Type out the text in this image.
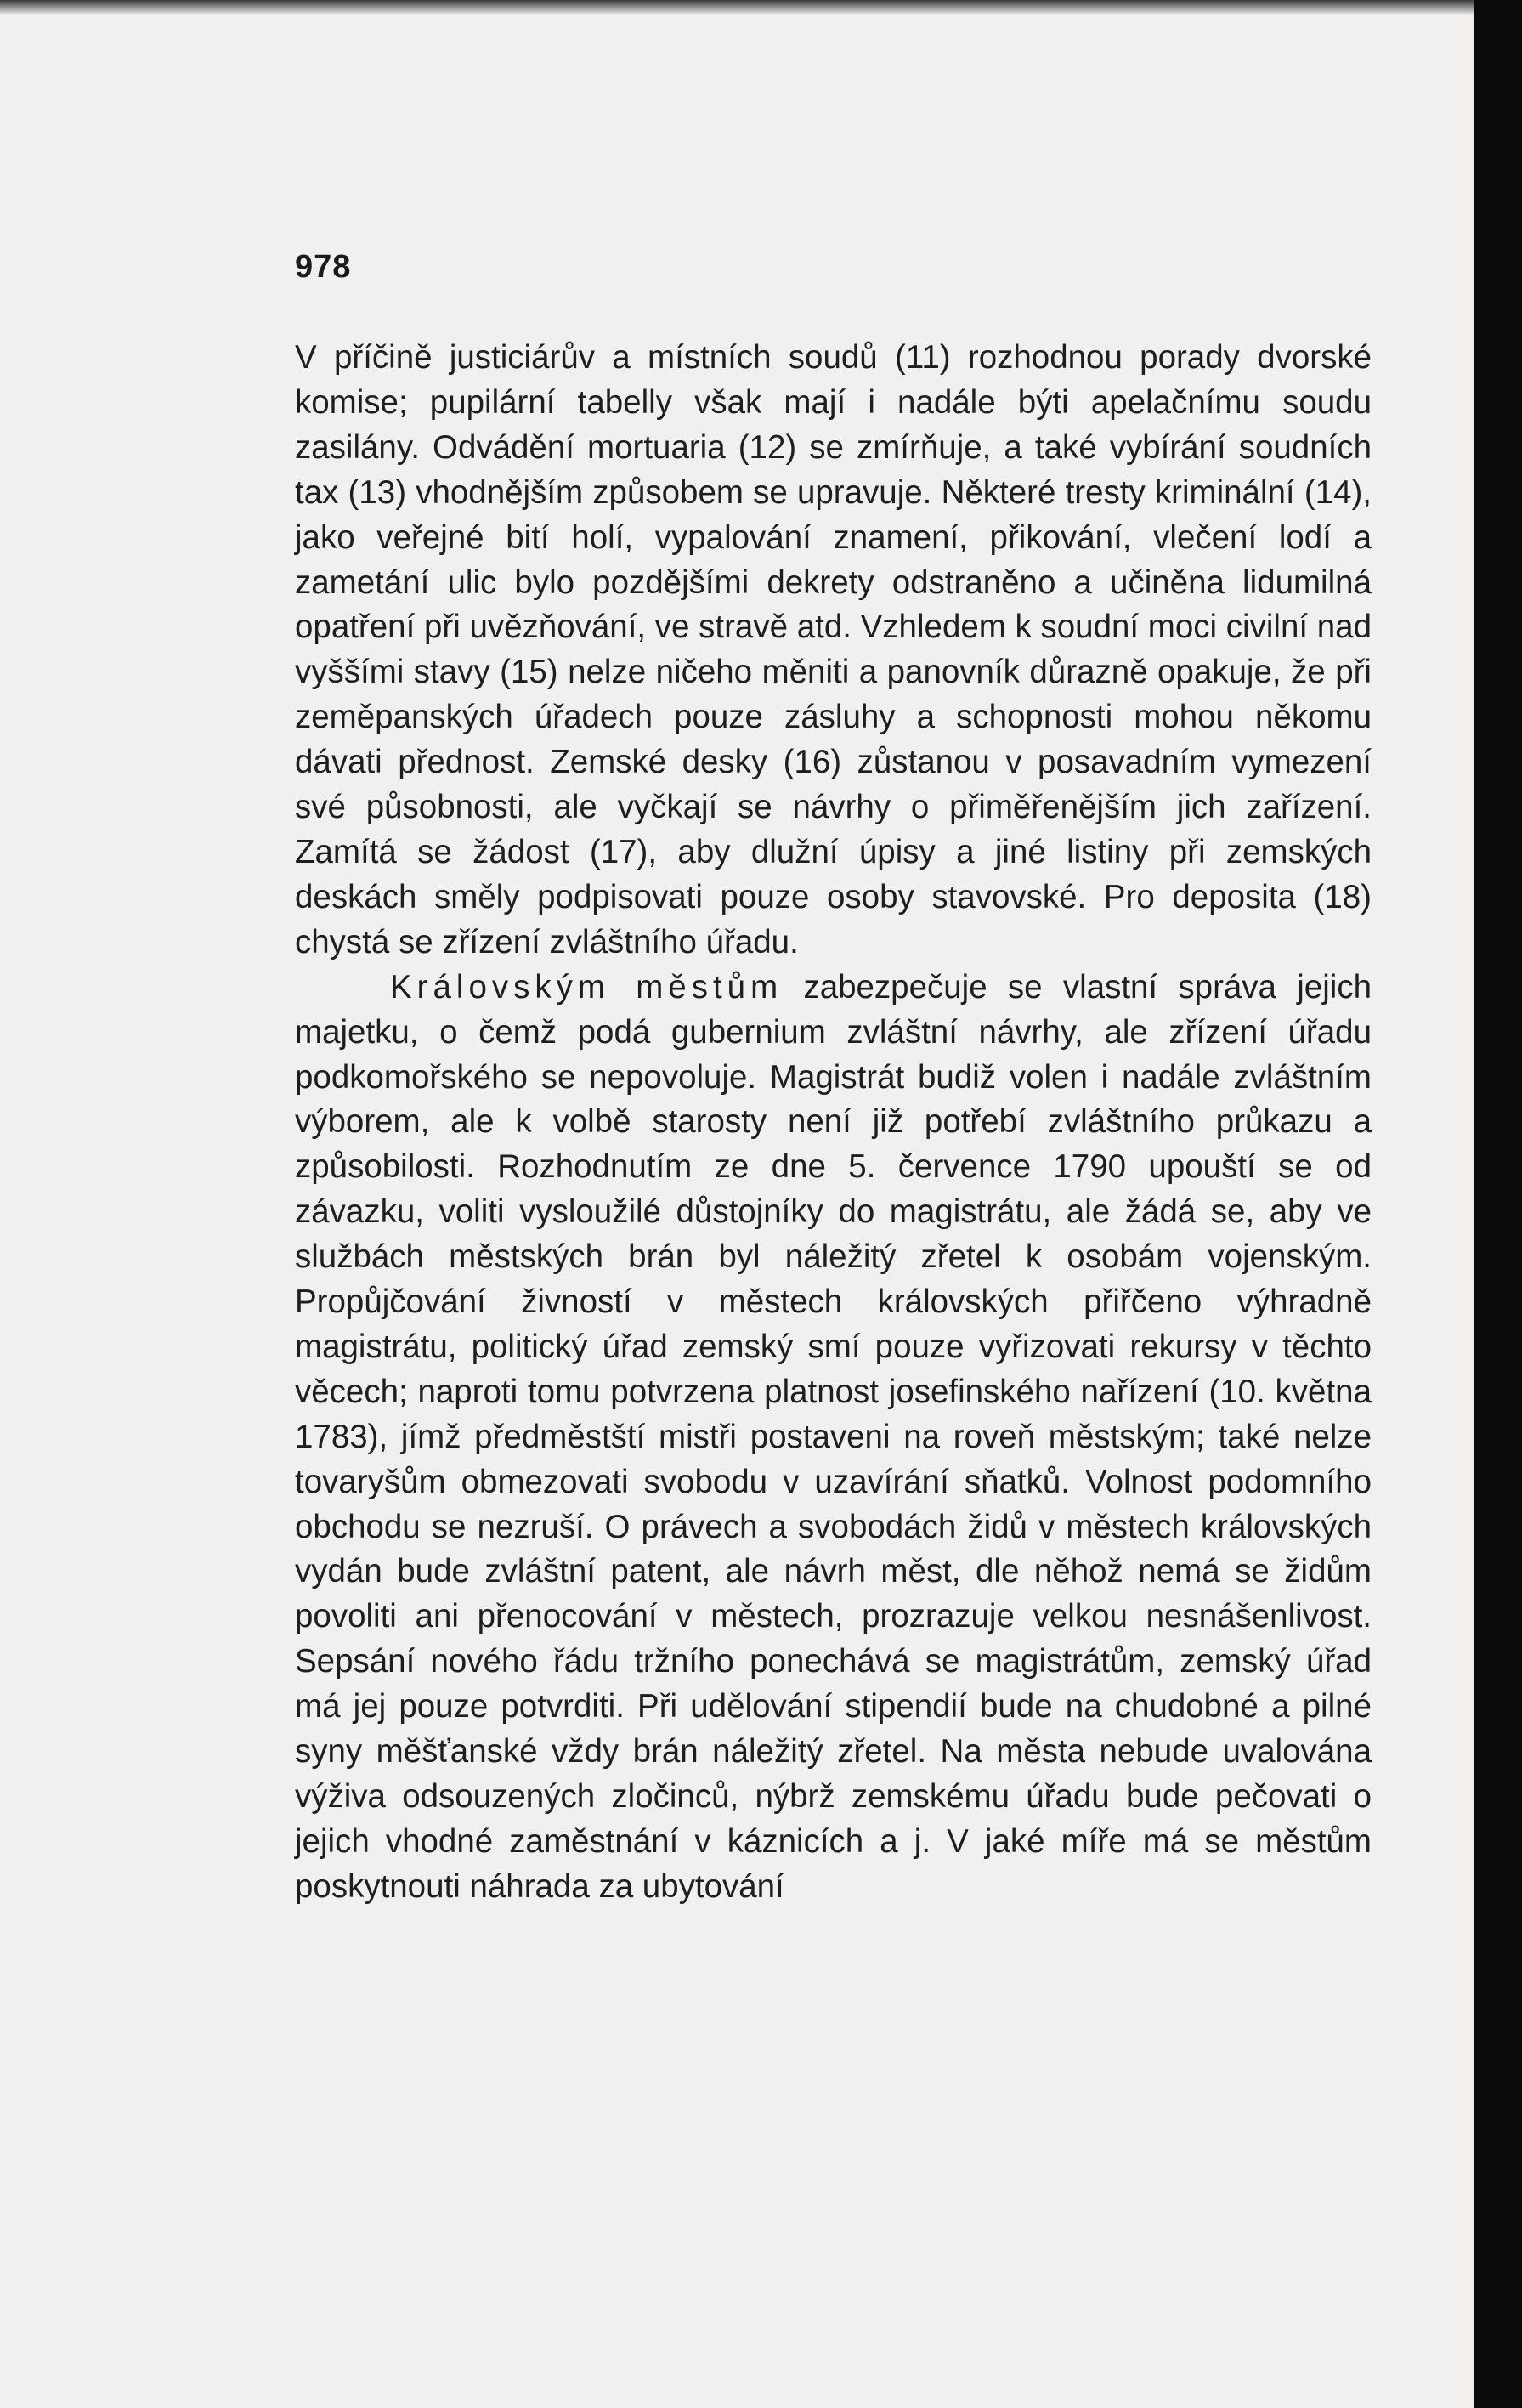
978

V příčině justiciárův a místních soudů (11) rozhodnou porady dvorské komise; pupilární tabelly však mají i nadále býti apelačnímu soudu zasilány. Odvádění mortuaria (12) se zmírňuje, a také vybírání soudních tax (13) vhodnějším způsobem se upravuje. Některé tresty kriminální (14), jako veřejné bití holí, vypalování znamení, přikování, vlečení lodí a zametání ulic bylo pozdějšími dekrety odstraněno a učiněna lidumilná opatření při uvězňování, ve stravě atd. Vzhledem k soudní moci civilní nad vyššími stavy (15) nelze ničeho měniti a panovník důrazně opakuje, že při zeměpanských úřadech pouze zásluhy a schopnosti mohou někomu dávati přednost. Zemské desky (16) zůstanou v posavadním vymezení své působnosti, ale vyčkají se návrhy o přiměřenějším jich zařízení. Zamítá se žádost (17), aby dlužní úpisy a jiné listiny při zemských deskách směly podpisovati pouze osoby stavovské. Pro deposita (18) chystá se zřízení zvláštního úřadu.

Královským městům zabezpečuje se vlastní správa jejich majetku, o čemž podá gubernium zvláštní návrhy, ale zřízení úřadu podkomořského se nepovoluje. Magistrát budiž volen i nadále zvláštním výborem, ale k volbě starosty není již potřebí zvláštního průkazu a způsobilosti. Rozhodnutím ze dne 5. července 1790 upouští se od závazku, voliti vysloužilé důstojníky do magistrátu, ale žádá se, aby ve službách městských brán byl náležitý zřetel k osobám vojenským. Propůjčování živností v městech královských přiřčeno výhradně magistrátu, politický úřad zemský smí pouze vyřizovati rekursy v těchto věcech; naproti tomu potvrzena platnost josefinského nařízení (10. května 1783), jímž předměstští mistři postaveni na roveň městským; také nelze tovaryšům obmezovati svobodu v uzavírání sňatků. Volnost podomního obchodu se nezruší. O právech a svobodách židů v městech královských vydán bude zvláštní patent, ale návrh měst, dle něhož nemá se židům povoliti ani přenocování v městech, prozrazuje velkou nesnášenlivost. Sepsání nového řádu tržního ponechává se magistrátům, zemský úřad má jej pouze potvrditi. Při udělování stipendií bude na chudobné a pilné syny měšťanské vždy brán náležitý zřetel. Na města nebude uvalována výživa odsouzených zločinců, nýbrž zemskému úřadu bude pečovati o jejich vhodné zaměstnání v káznicích a j. V jaké míře má se městům poskytnouti náhrada za ubytování
